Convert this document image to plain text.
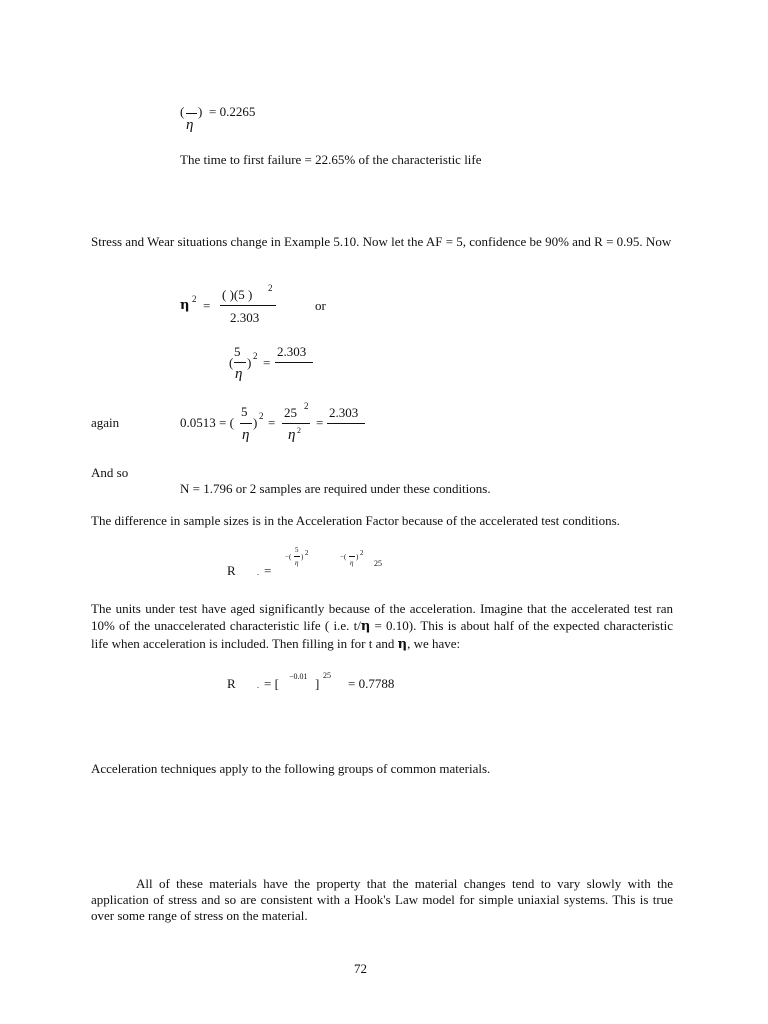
( )
η
= 0.2265
The time to first failure = 22.65% of the characteristic life
Stress and Wear situations change in Example 5.10. Now let the AF = 5, confidence be 90% and R = 0.95. Now
η 2 =
( )(5 ) 2
2.303
or
(
5
η
) 2 =
2.303
again	0.0513 = (
5
η
) 2 =
25 2
η 2
=
2.303
And so
N = 1.796 or 2 samples are required under these conditions.
The difference in sample sizes is in the Acceleration Factor because of the accelerated test conditions.
R	. =
−(
5
η
) 2	−(
η
) 2
25
The units under test have aged significantly because of the acceleration. Imagine that the accelerated test ran 10% of the unaccelerated characteristic life ( i.e. t/η = 0.10). This is about half of the expected characteristic life when acceleration is included. Then filling in for t and η, we have:
R	. = [ −0.01 ]
25
= 0.7788
Acceleration techniques apply to the following groups of common materials.
All of these materials have the property that the material changes tend to vary slowly with the application of stress and so are consistent with a Hook's Law model for simple uniaxial systems. This is true over some range of stress on the material.
72
